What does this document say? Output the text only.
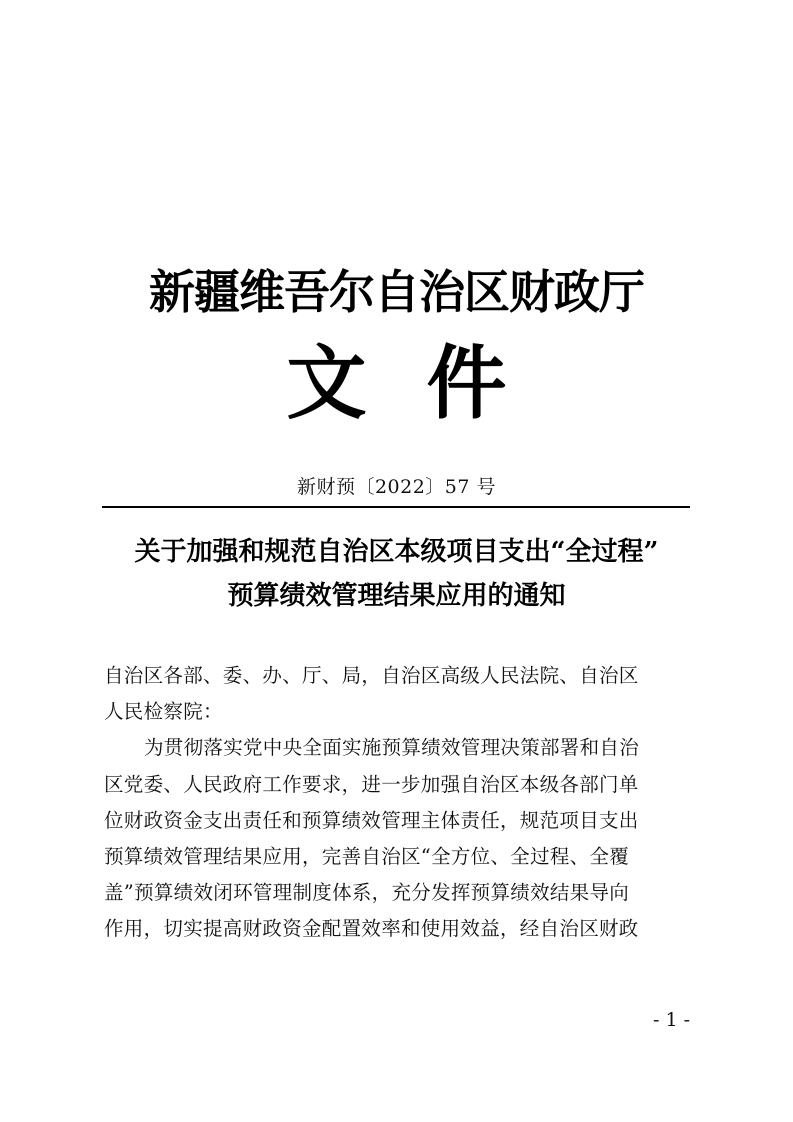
新疆维吾尔自治区财政厅
文件
新财预〔2022〕57 号
关于加强和规范自治区本级项目支出“全过程”
预算绩效管理结果应用的通知
自治区各部、委、办、厅、局，自治区高级人民法院、自治区
人民检察院：
为贯彻落实党中央全面实施预算绩效管理决策部署和自治
区党委、人民政府工作要求，进一步加强自治区本级各部门单
位财政资金支出责任和预算绩效管理主体责任，规范项目支出
预算绩效管理结果应用，完善自治区“全方位、全过程、全覆
盖”预算绩效闭环管理制度体系，充分发挥预算绩效结果导向
作用，切实提高财政资金配置效率和使用效益，经自治区财政
- 1 -
